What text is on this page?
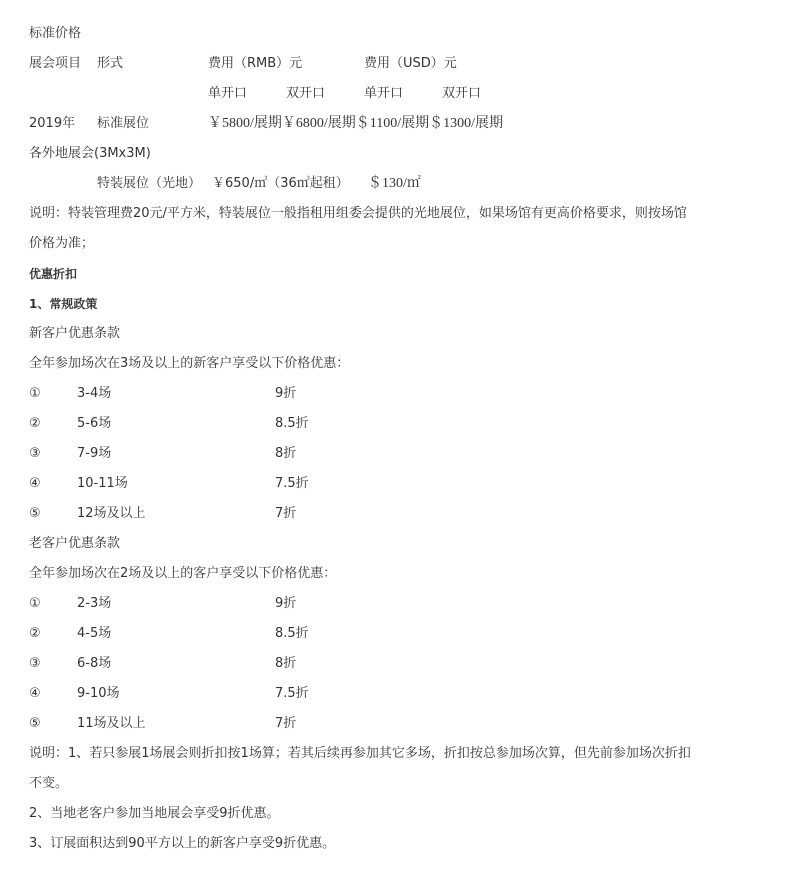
标准价格
展会项目 形式	费用（RMB）元	费用（USD）元
单开口	双开口	单开口	双开口
2019年 标准展位	￥5800/展期￥6800/展期＄1100/展期＄1300/展期
各外地展会(3Mx3M)
特装展位（光地） ￥650/㎡（36㎡起租） ＄130/㎡
说明：特装管理费20元/平方米，特装展位一般指租用组委会提供的光地展位，如果场馆有更高价格要求，则按场馆
价格为准；
优惠折扣
1、常规政策
新客户优惠条款
全年参加场次在3场及以上的新客户享受以下价格优惠：
①	3-4场	9折
②	5-6场	8.5折
③	7-9场	8折
④	10-11场	7.5折
⑤	12场及以上	7折
老客户优惠条款
全年参加场次在2场及以上的客户享受以下价格优惠：
①	2-3场	9折
②	4-5场	8.5折
③	6-8场	8折
④	9-10场	7.5折
⑤	11场及以上	7折
说明：1、若只参展1场展会则折扣按1场算；若其后续再参加其它多场，折扣按总参加场次算，但先前参加场次折扣
不变。
2、当地老客户参加当地展会享受9折优惠。
3、订展面积达到90平方以上的新客户享受9折优惠。
